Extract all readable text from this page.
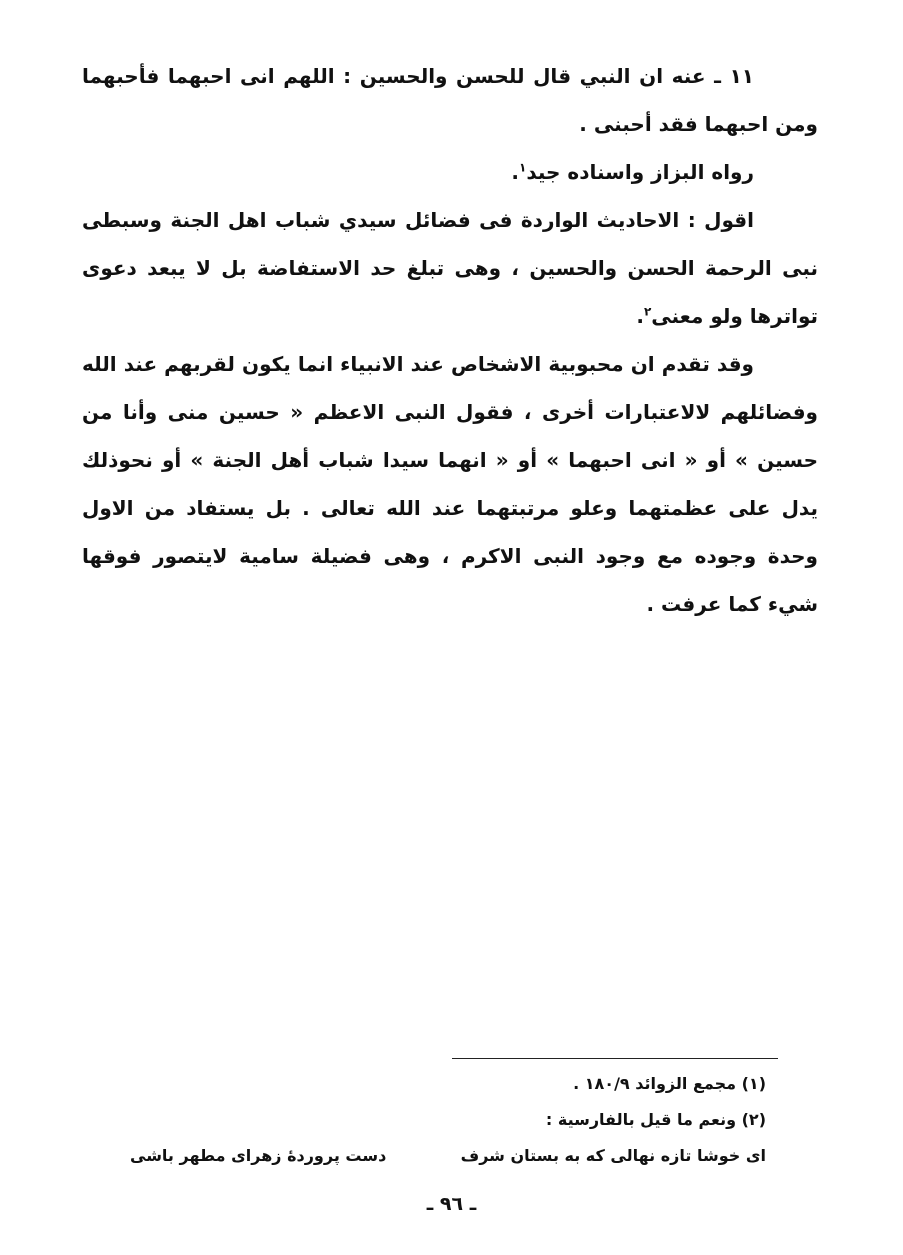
١١ ـ عنه ان النبي قال للحسن والحسين : اللهم انى احبهما فأحبهما ومن احبهما فقد أحبنى .

رواه البزاز واسناده جيد$^١$.

اقول : الاحاديث الواردة فى فضائل سيدي شباب اهل الجنة وسبطى نبى الرحمة الحسن والحسين ، وهى تبلغ حد الاستفاضة بل لا يبعد دعوى تواترها ولو معنى$^٢$.

وقد تقدم ان محبوبية الاشخاص عند الانبياء انما يكون لقربهم عند الله وفضائلهم لالاعتبارات أخرى ، فقول النبى الاعظم « حسين منى وأنا من حسين » أو « انى احبهما » أو « انهما سيدا شباب أهل الجنة » أو نحوذلك يدل على عظمتهما وعلو مرتبتهما عند الله تعالى . بل يستفاد من الاول وحدة وجوده مع وجود النبى الاكرم ، وهى فضيلة سامية لايتصور فوقها شيء كما عرفت .

(١) مجمع الزوائد ١٨٠/٩ .

(٢) ونعم ما قيل بالفارسية :

اى خوشا تازه نهالى كه به بستان شرف
دست پروردهٔ زهراى مطهر باشى
ـ ٩٦ ـ
